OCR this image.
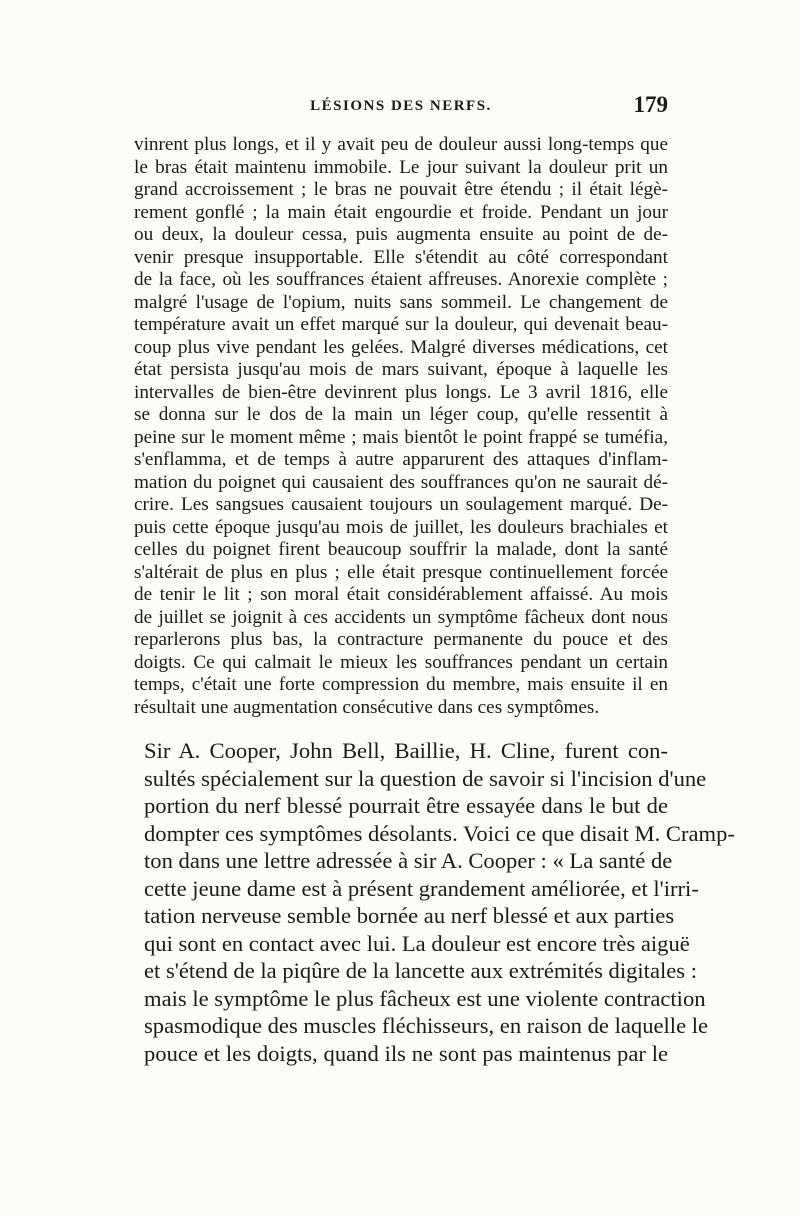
LÉSIONS DES NERFS.	179

vinrent plus longs, et il y avait peu de douleur aussi long-temps que
le bras était maintenu immobile. Le jour suivant la douleur prit un
grand accroissement ; le bras ne pouvait être étendu ; il était légè-
rement gonflé ; la main était engourdie et froide. Pendant un jour
ou deux, la douleur cessa, puis augmenta ensuite au point de de-
venir presque insupportable. Elle s'étendit au côté correspondant
de la face, où les souffrances étaient affreuses. Anorexie complète ;
malgré l'usage de l'opium, nuits sans sommeil. Le changement de
température avait un effet marqué sur la douleur, qui devenait beau-
coup plus vive pendant les gelées. Malgré diverses médications, cet
état persista jusqu'au mois de mars suivant, époque à laquelle les
intervalles de bien-être devinrent plus longs. Le 3 avril 1816, elle
se donna sur le dos de la main un léger coup, qu'elle ressentit à
peine sur le moment même ; mais bientôt le point frappé se tuméfia,
s'enflamma, et de temps à autre apparurent des attaques d'inflam-
mation du poignet qui causaient des souffrances qu'on ne saurait dé-
crire. Les sangsues causaient toujours un soulagement marqué. De-
puis cette époque jusqu'au mois de juillet, les douleurs brachiales et
celles du poignet firent beaucoup souffrir la malade, dont la santé
s'altérait de plus en plus ; elle était presque continuellement forcée
de tenir le lit ; son moral était considérablement affaissé. Au mois
de juillet se joignit à ces accidents un symptôme fâcheux dont nous
reparlerons plus bas, la contracture permanente du pouce et des
doigts. Ce qui calmait le mieux les souffrances pendant un certain
temps, c'était une forte compression du membre, mais ensuite il en
résultait une augmentation consécutive dans ces symptômes.

Sir A. Cooper, John Bell, Baillie, H. Cline, furent con-
sultés spécialement sur la question de savoir si l'incision d'une
portion du nerf blessé pourrait être essayée dans le but de
dompter ces symptômes désolants. Voici ce que disait M. Cramp-
ton dans une lettre adressée à sir A. Cooper : « La santé de
cette jeune dame est à présent grandement améliorée, et l'irri-
tation nerveuse semble bornée au nerf blessé et aux parties
qui sont en contact avec lui. La douleur est encore très aiguë
et s'étend de la piqûre de la lancette aux extrémités digitales :
mais le symptôme le plus fâcheux est une violente contraction
spasmodique des muscles fléchisseurs, en raison de laquelle le
pouce et les doigts, quand ils ne sont pas maintenus par le
